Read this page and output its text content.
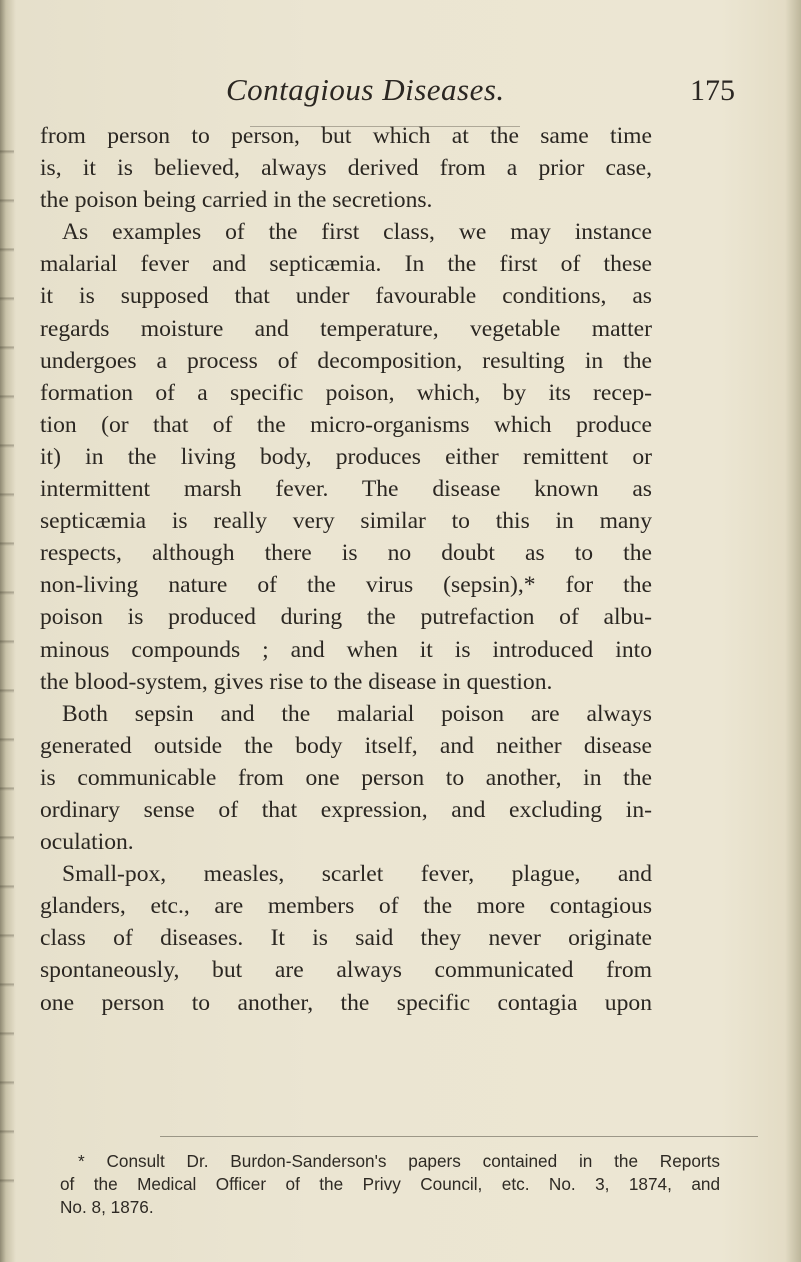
Contagious Diseases.	175
from person to person, but which at the same time
is, it is believed, always derived from a prior case,
the poison being carried in the secretions.
As examples of the first class, we may instance
malarial fever and septicæmia. In the first of these
it is supposed that under favourable conditions, as
regards moisture and temperature, vegetable matter
undergoes a process of decomposition, resulting in the
formation of a specific poison, which, by its recep-
tion (or that of the micro-organisms which produce
it) in the living body, produces either remittent or
intermittent marsh fever. The disease known as
septicæmia is really very similar to this in many
respects, although there is no doubt as to the
non-living nature of the virus (sepsin),* for the
poison is produced during the putrefaction of albu-
minous compounds ; and when it is introduced into
the blood-system, gives rise to the disease in question.
Both sepsin and the malarial poison are always
generated outside the body itself, and neither disease
is communicable from one person to another, in the
ordinary sense of that expression, and excluding in-
oculation.
Small-pox, measles, scarlet fever, plague, and
glanders, etc., are members of the more contagious
class of diseases. It is said they never originate
spontaneously, but are always communicated from
one person to another, the specific contagia upon
* Consult Dr. Burdon-Sanderson's papers contained in the Reports
of the Medical Officer of the Privy Council, etc. No. 3, 1874, and
No. 8, 1876.
